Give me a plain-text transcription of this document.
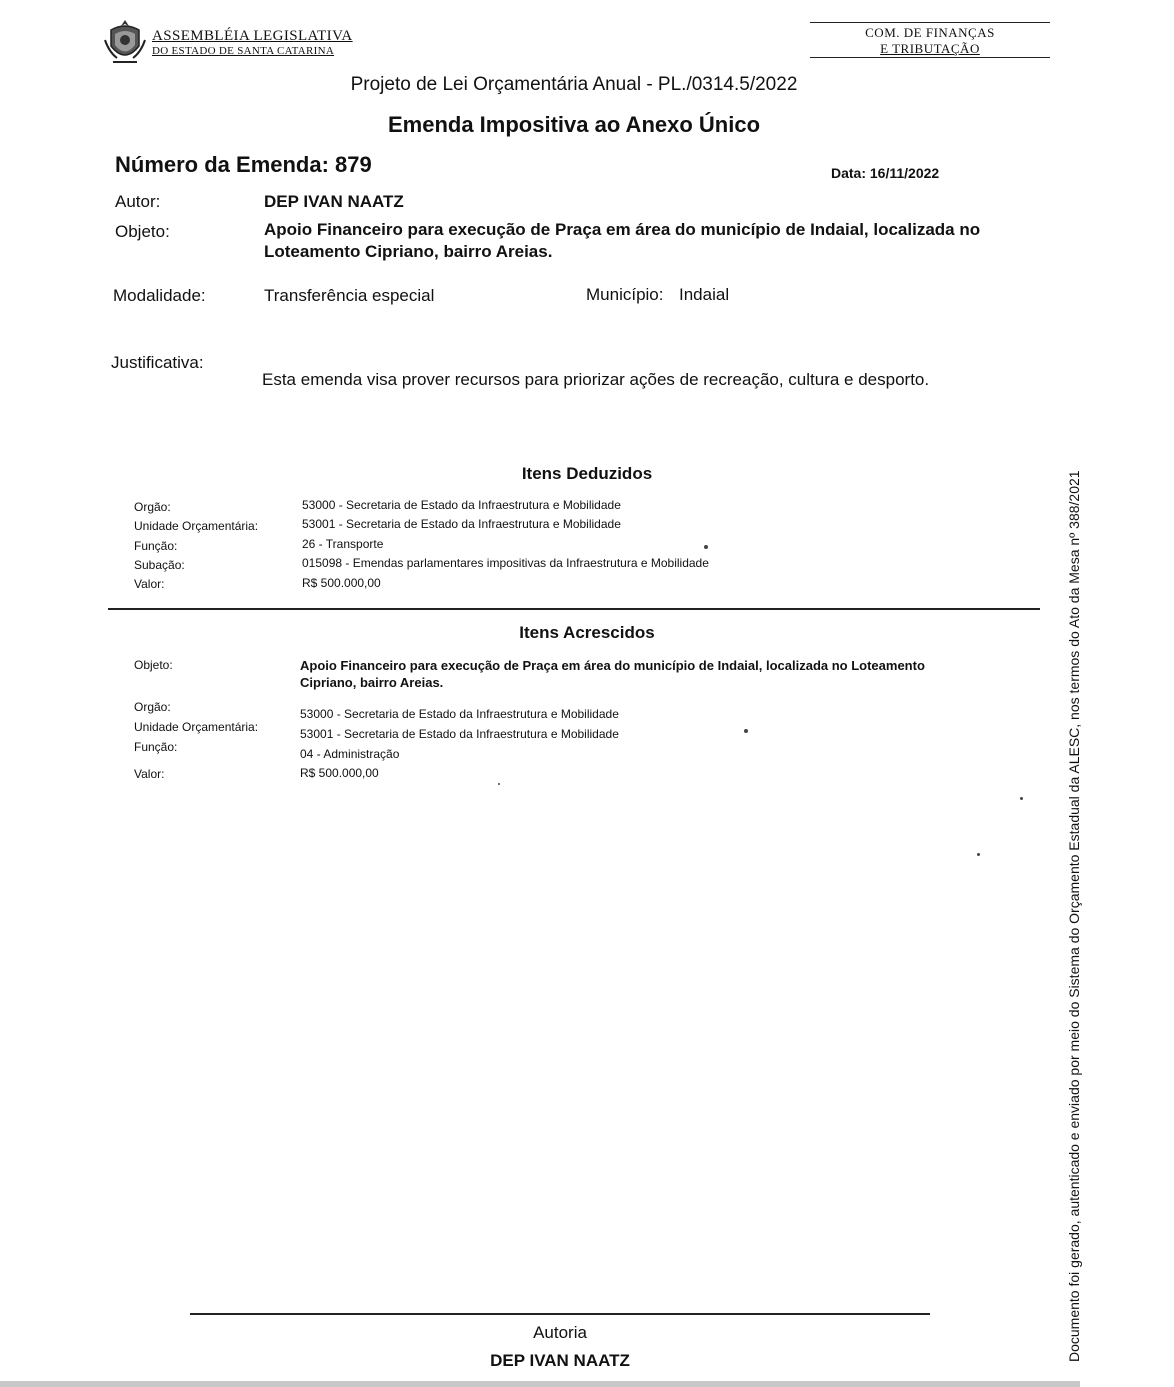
ASSEMBLÉIA LEGISLATIVA
DO ESTADO DE SANTA CATARINA
COM. DE FINANÇAS
E TRIBUTAÇÃO
Projeto de Lei Orçamentária Anual - PL./0314.5/2022
Emenda Impositiva ao Anexo Único
Número da Emenda: 879	Data: 16/11/2022
Autor:	DEP IVAN NAATZ
Objeto:	Apoio Financeiro para execução de Praça em área do município de Indaial, localizada no
Loteamento Cipriano, bairro Areias.
Modalidade:	Transferência especial	Município: Indaial
Justificativa:
Esta emenda visa prover recursos para priorizar ações de recreação, cultura e desporto.
Itens Deduzidos
Orgão:	53000 - Secretaria de Estado da Infraestrutura e Mobilidade
Unidade Orçamentária:	53001 - Secretaria de Estado da Infraestrutura e Mobilidade
Função:	26 - Transporte
Subação:	015098 - Emendas parlamentares impositivas da Infraestrutura e Mobilidade
Valor:	R$ 500.000,00
Itens Acrescidos
Objeto:	Apoio Financeiro para execução de Praça em área do município de Indaial, localizada no Loteamento
Cipriano, bairro Areias.
Orgão:	53000 - Secretaria de Estado da Infraestrutura e Mobilidade
Unidade Orçamentária:	53001 - Secretaria de Estado da Infraestrutura e Mobilidade
Função:	04 - Administração
Valor:	R$ 500.000,00
Autoria
DEP IVAN NAATZ	Documento foi gerado, autenticado e enviado por meio do Sistema do Orçamento Estadual da ALESC, nos termos do Ato da Mesa nº 388/2021
